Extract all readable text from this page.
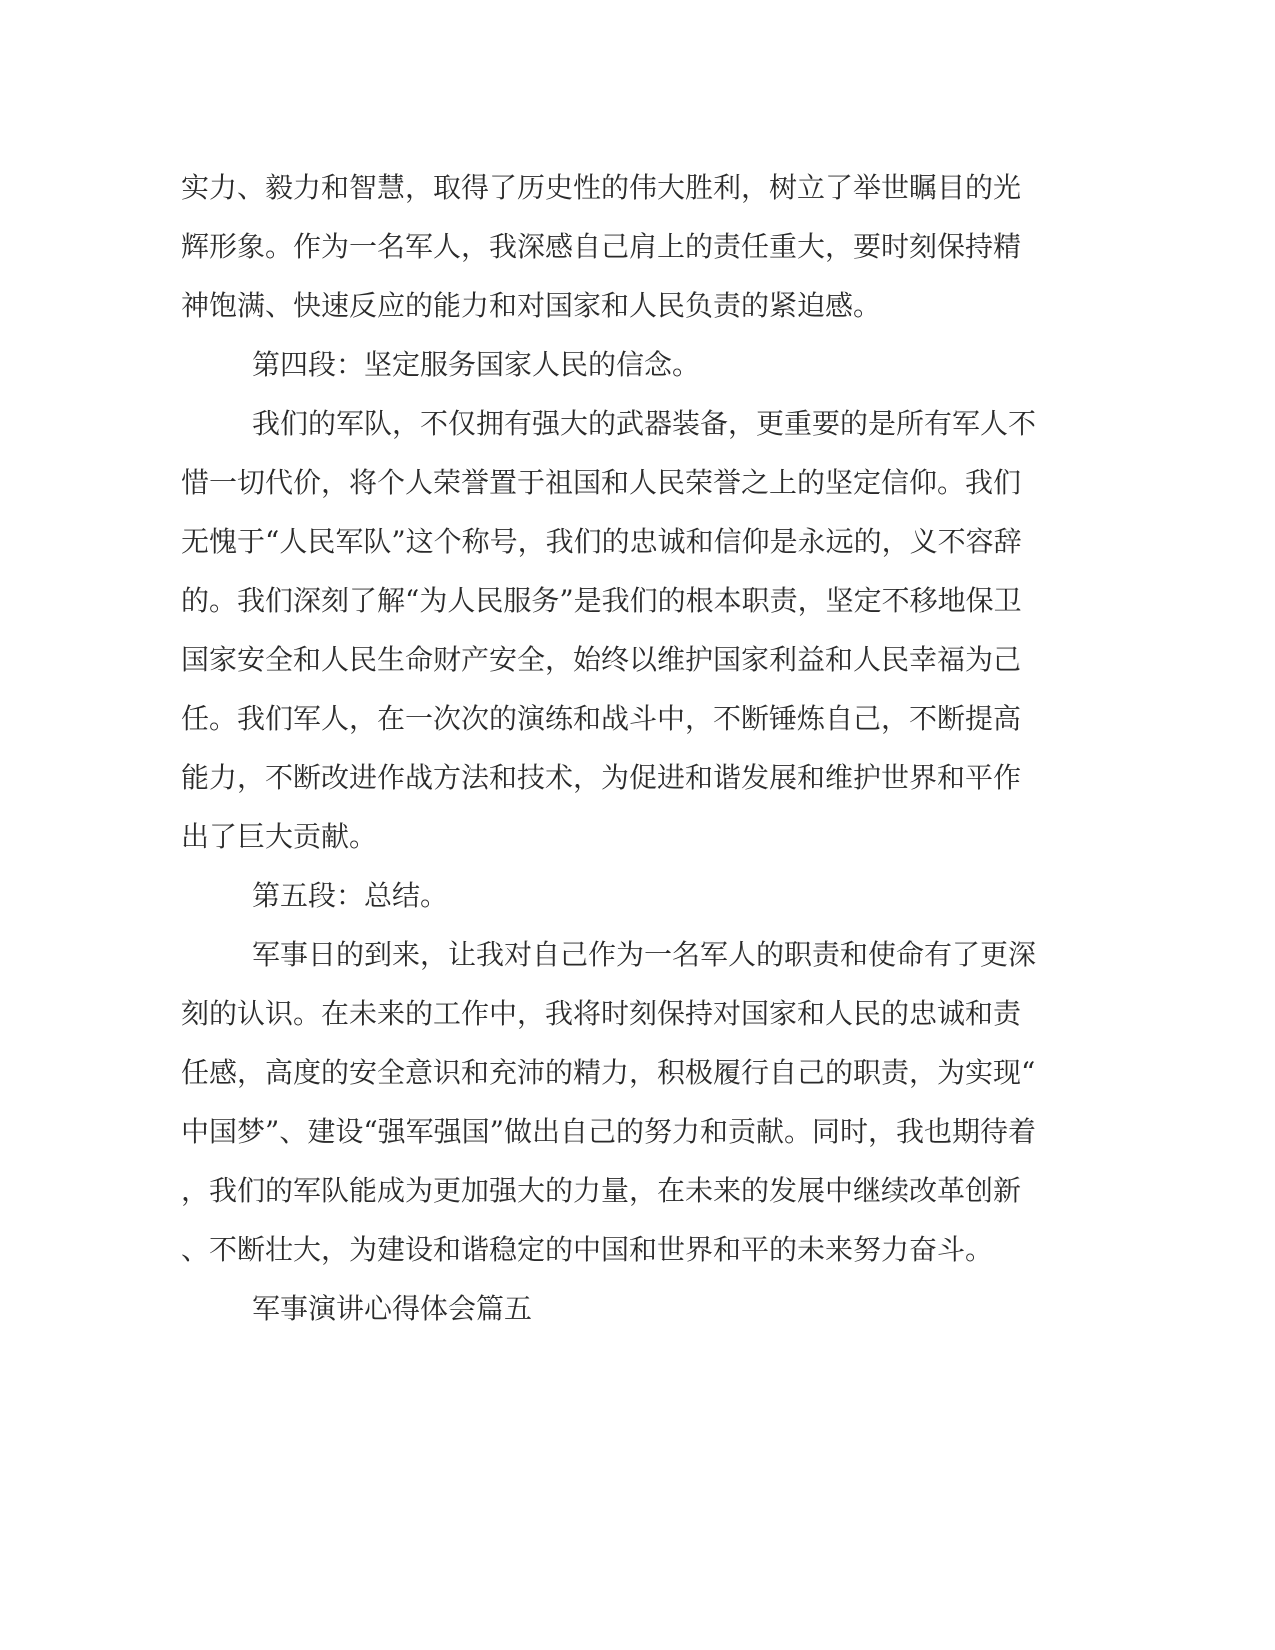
实力、毅力和智慧，取得了历史性的伟大胜利，树立了举世瞩目的光
辉形象。作为一名军人，我深感自己肩上的责任重大，要时刻保持精
神饱满、快速反应的能力和对国家和人民负责的紧迫感。
第四段：坚定服务国家人民的信念。
我们的军队，不仅拥有强大的武器装备，更重要的是所有军人不
惜一切代价，将个人荣誉置于祖国和人民荣誉之上的坚定信仰。我们
无愧于“人民军队”这个称号，我们的忠诚和信仰是永远的，义不容辞
的。我们深刻了解“为人民服务”是我们的根本职责，坚定不移地保卫
国家安全和人民生命财产安全，始终以维护国家利益和人民幸福为己
任。我们军人，在一次次的演练和战斗中，不断锤炼自己，不断提高
能力，不断改进作战方法和技术，为促进和谐发展和维护世界和平作
出了巨大贡献。
第五段：总结。
军事日的到来，让我对自己作为一名军人的职责和使命有了更深
刻的认识。在未来的工作中，我将时刻保持对国家和人民的忠诚和责
任感，高度的安全意识和充沛的精力，积极履行自己的职责，为实现“
中国梦”、建设“强军强国”做出自己的努力和贡献。同时，我也期待着
，我们的军队能成为更加强大的力量，在未来的发展中继续改革创新
、不断壮大，为建设和谐稳定的中国和世界和平的未来努力奋斗。
军事演讲心得体会篇五
